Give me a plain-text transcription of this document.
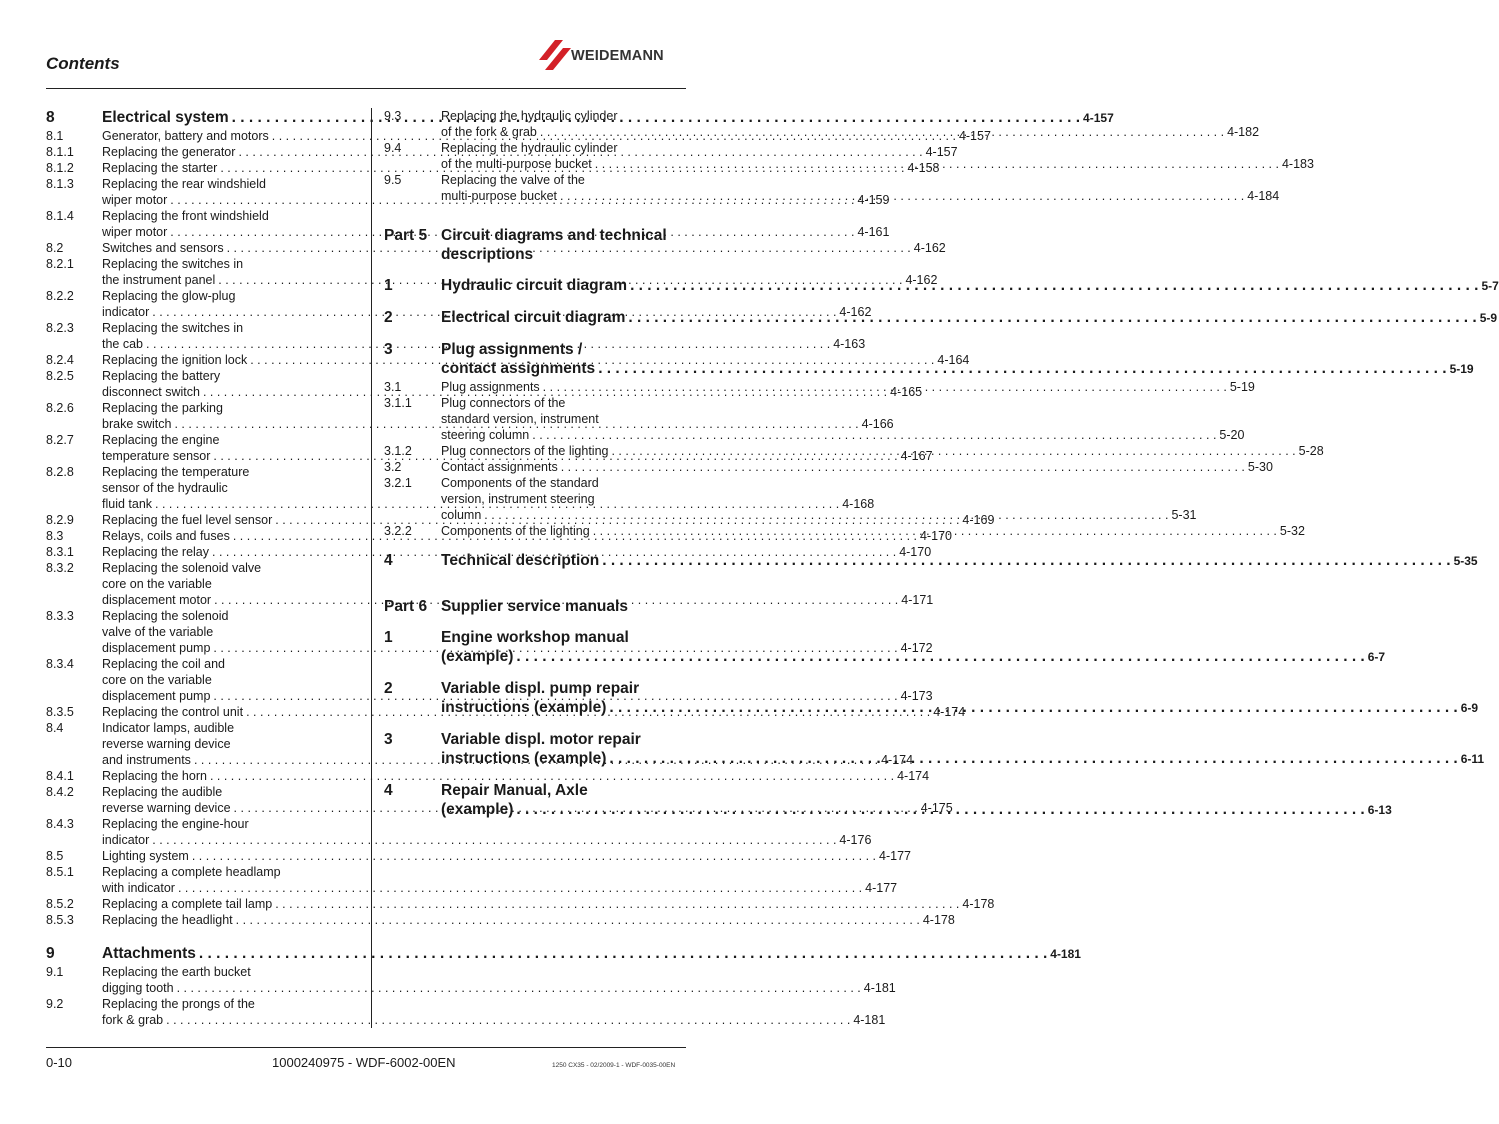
Contents	WEIDEMANN
8	Electrical system . . .	4-157
8.1	Generator, battery and motors . . .	4-157
8.1.1	Replacing the generator . . .	4-157
8.1.2	Replacing the starter . . .	4-158
8.1.3	Replacing the rear windshield
wiper motor . . .	4-159
8.1.4	Replacing the front windshield
wiper motor . . .	4-161
8.2	Switches and sensors . . .	4-162
8.2.1	Replacing the switches in
the instrument panel . . .	4-162
8.2.2	Replacing the glow-plug
indicator . . .	4-162
8.2.3	Replacing the switches in
the cab . . .	4-163
8.2.4	Replacing the ignition lock . . .	4-164
8.2.5	Replacing the battery
disconnect switch . . .	4-165
8.2.6	Replacing the parking
brake switch . . .	4-166
8.2.7	Replacing the engine
temperature sensor . . .	4-167
8.2.8	Replacing the temperature
sensor of the hydraulic
fluid tank . . .	4-168
8.2.9	Replacing the fuel level sensor . . .	4-169
8.3	Relays, coils and fuses . . .	4-170
8.3.1	Replacing the relay . . .	4-170
8.3.2	Replacing the solenoid valve
core on the variable
displacement motor . . .	4-171
8.3.3	Replacing the solenoid
valve of the variable
displacement pump . . .	4-172
8.3.4	Replacing the coil and
core on the variable
displacement pump . . .	4-173
8.3.5	Replacing the control unit . . .	4-174
8.4	Indicator lamps, audible
reverse warning device
and instruments . . .	4-174
8.4.1	Replacing the horn . . .	4-174
8.4.2	Replacing the audible
reverse warning device . . .	4-175
8.4.3	Replacing the engine-hour
indicator . . .	4-176
8.5	Lighting system . . .	4-177
8.5.1	Replacing a complete headlamp
with indicator . . .	4-177
8.5.2	Replacing a complete tail lamp . . .	4-178
8.5.3	Replacing the headlight . . .	4-178
9	Attachments . . .	4-181
9.1	Replacing the earth bucket
digging tooth . . .	4-181
9.2	Replacing the prongs of the
fork & grab . . .	4-181
9.3	Replacing the hydraulic cylinder
of the fork & grab . . .	4-182
9.4	Replacing the hydraulic cylinder
of the multi-purpose bucket . . .	4-183
9.5	Replacing the valve of the
multi-purpose bucket . . .	4-184
Part 5 Circuit diagrams and technical
descriptions
1	Hydraulic circuit diagram . . .	5-7
2	Electrical circuit diagram . . .	5-9
3	Plug assignments /
contact assignments . . .	5-19
3.1	Plug assignments . . .	5-19
3.1.1	Plug connectors of the
standard version, instrument
steering column . . .	5-20
3.1.2	Plug connectors of the lighting . . .	5-28
3.2	Contact assignments . . .	5-30
3.2.1	Components of the standard
version, instrument steering
column . . .	5-31
3.2.2	Components of the lighting . . .	5-32
4	Technical description . . .	5-35
Part 6 Supplier service manuals
1	Engine workshop manual
(example) . . .	6-7
2	Variable displ. pump repair
instructions (example) . . .	6-9
3	Variable displ. motor repair
instructions (example) . . .	6-11
4	Repair Manual, Axle
(example) . . .	6-13
0-10	1000240975 - WDF-6002-00EN	1250 CX35 - 02/2009-1 - WDF-0035-00EN
